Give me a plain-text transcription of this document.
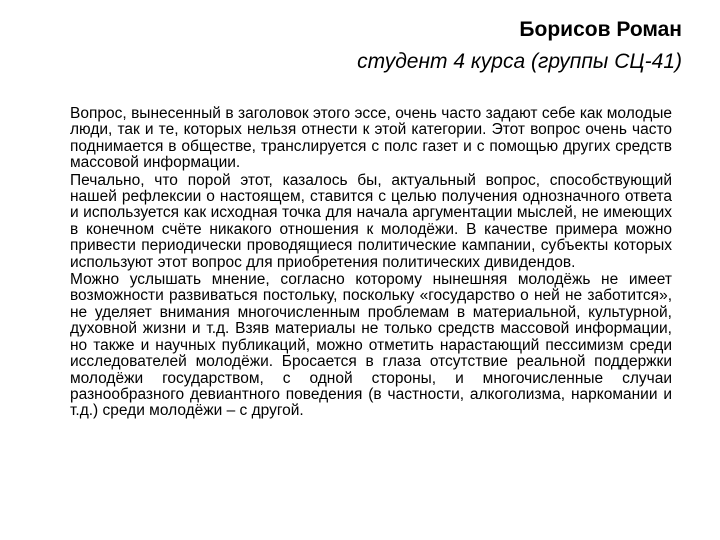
Борисов Роман
студент 4 курса (группы СЦ-41)

Вопрос, вынесенный в заголовок этого эссе, очень часто задают себе как молодые люди, так и те, которых нельзя отнести к этой категории. Этот вопрос очень часто поднимается в обществе, транслируется с полс газет и с помощью других средств массовой информации.

Печально, что порой этот, казалось бы, актуальный вопрос, способствующий нашей рефлексии о настоящем, ставится с целью получения однозначного ответа и используется как исходная точка для начала аргументации мыслей, не имеющих в конечном счёте никакого отношения к молодёжи. В качестве примера можно привести периодически проводящиеся политические кампании, субъекты которых используют этот вопрос для приобретения политических дивидендов.

Можно услышать мнение, согласно которому нынешняя молодёжь не имеет возможности развиваться постольку, поскольку «государство о ней не заботится», не уделяет внимания многочисленным проблемам в материальной, культурной, духовной жизни и т.д. Взяв материалы не только средств массовой информации, но также и научных публикаций, можно отметить нарастающий пессимизм среди исследователей молодёжи. Бросается в глаза отсутствие реальной поддержки молодёжи государством, с одной стороны, и многочисленные случаи разнообразного девиантного поведения (в частности, алкоголизма, наркомании и т.д.) среди молодёжи – с другой.
